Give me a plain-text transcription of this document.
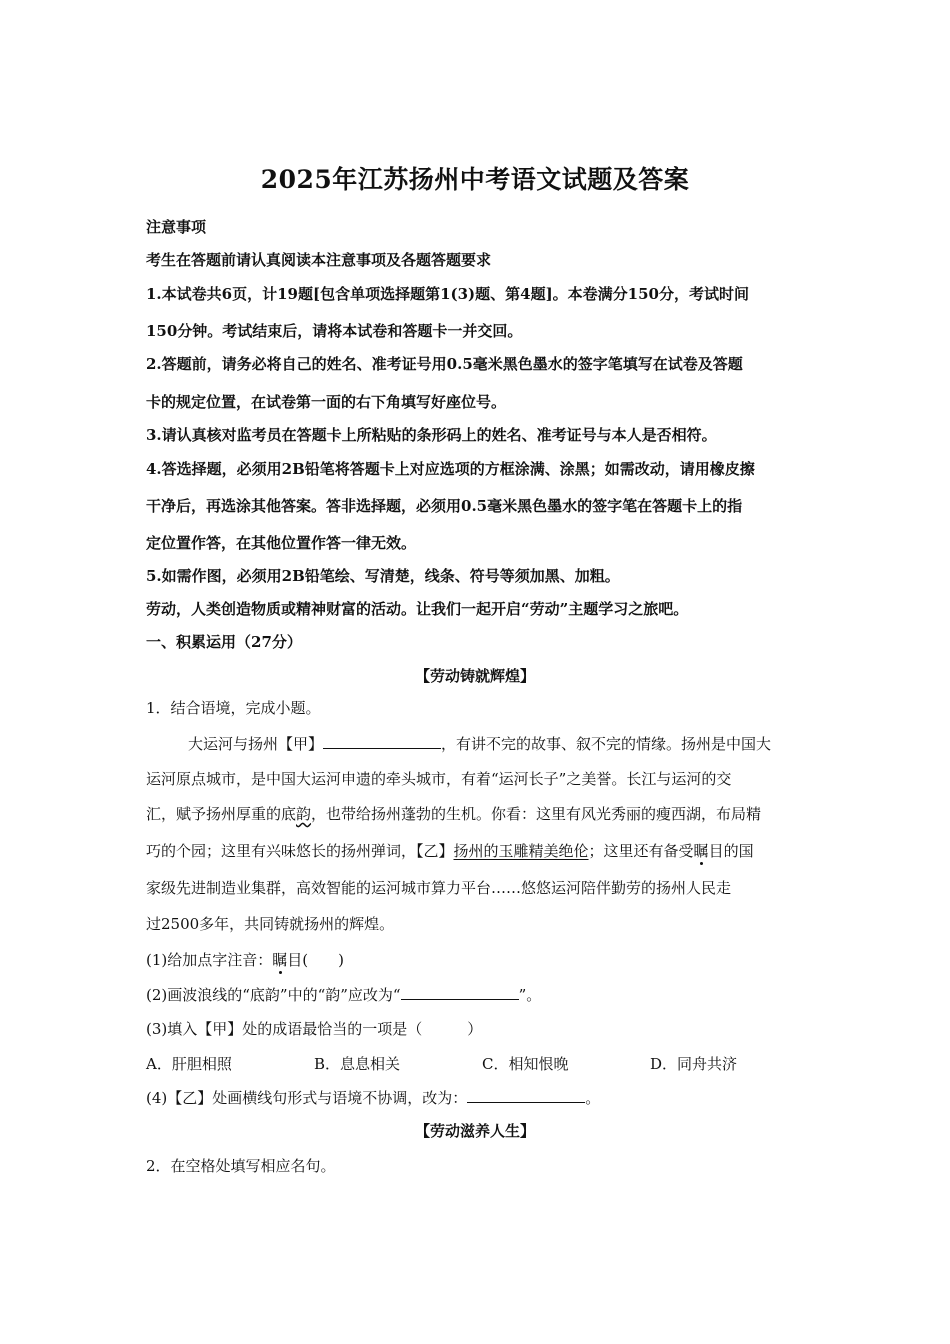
2025年江苏扬州中考语文试题及答案
注意事项
考生在答题前请认真阅读本注意事项及各题答题要求
1.本试卷共6页，计19题[包含单项选择题第1(3)题、第4题]。本卷满分150分，考试时间
150分钟。考试结束后，请将本试卷和答题卡一并交回。
2.答题前，请务必将自己的姓名、准考证号用0.5毫米黑色墨水的签字笔填写在试卷及答题
卡的规定位置，在试卷第一面的右下角填写好座位号。
3.请认真核对监考员在答题卡上所粘贴的条形码上的姓名、准考证号与本人是否相符。
4.答选择题，必须用2B铅笔将答题卡上对应选项的方框涂满、涂黑；如需改动，请用橡皮擦
干净后，再选涂其他答案。答非选择题，必须用0.5毫米黑色墨水的签字笔在答题卡上的指
定位置作答，在其他位置作答一律无效。
5.如需作图，必须用2B铅笔绘、写清楚，线条、符号等须加黑、加粗。
劳动，人类创造物质或精神财富的活动。让我们一起开启“劳动”主题学习之旅吧。
一、积累运用（27分）
【劳动铸就辉煌】
1．结合语境，完成小题。
大运河与扬州【甲】	，有讲不完的故事、叙不完的情缘。扬州是中国大
运河原点城市，是中国大运河申遗的牵头城市，有着“运河长子”之美誉。长江与运河的交
汇，赋予扬州厚重的底韵，也带给扬州蓬勃的生机。你看：这里有风光秀丽的瘦西湖，布局精
巧的个园；这里有兴味悠长的扬州弹词，【乙】扬州的玉雕精美绝伦；这里还有备受瞩目的国
家级先进制造业集群，高效智能的运河城市算力平台……悠悠运河陪伴勤劳的扬州人民走
过2500多年，共同铸就扬州的辉煌。
(1)给加点字注音：瞩目(　　)
(2)画波浪线的“底韵”中的“韵”应改为“	”。
(3)填入【甲】处的成语最恰当的一项是（　　　）
A．肝胆相照	B．息息相关	C．相知恨晚	D．同舟共济
(4)【乙】处画横线句形式与语境不协调，改为：	。
【劳动滋养人生】
2．在空格处填写相应名句。
